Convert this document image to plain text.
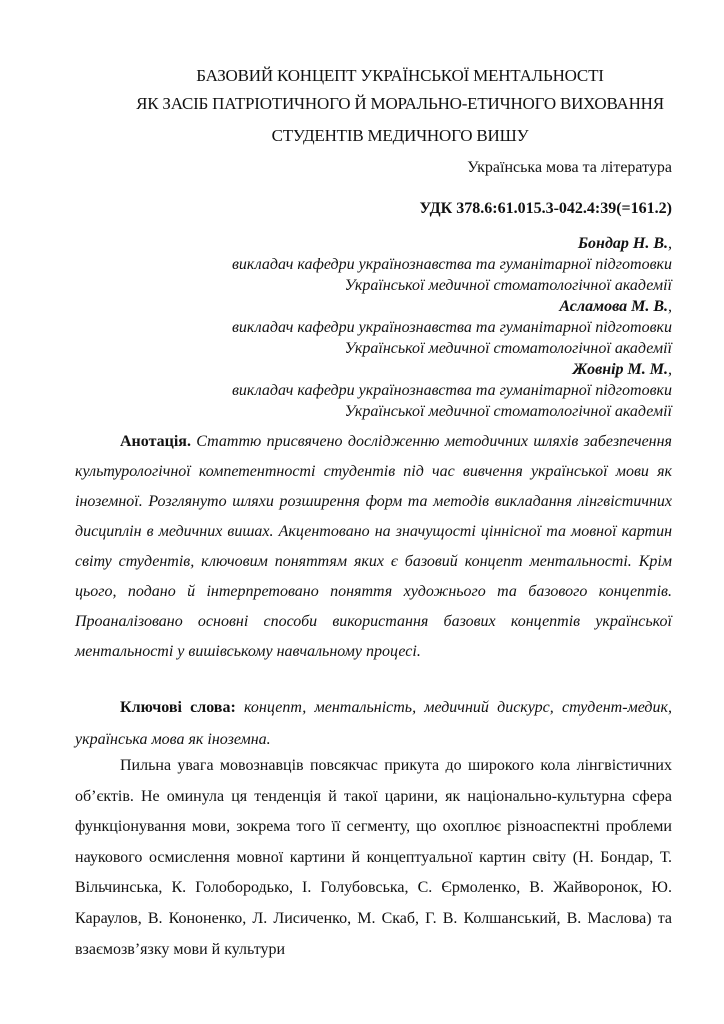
БАЗОВИЙ КОНЦЕПТ УКРАЇНСЬКОЇ МЕНТАЛЬНОСТІ
ЯК ЗАСІБ ПАТРІОТИЧНОГО Й МОРАЛЬНО-ЕТИЧНОГО ВИХОВАННЯ
СТУДЕНТІВ МЕДИЧНОГО ВИШУ
Українська мова та література
УДК 378.6:61.015.3-042.4:39(=161.2)
Бондар Н. В.,
викладач кафедри українознавства та гуманітарної підготовки
Української медичної стоматологічної академії
Асламова М. В.,
викладач кафедри українознавства та гуманітарної підготовки
Української медичної стоматологічної академії
Жовнір М. М.,
викладач кафедри українознавства та гуманітарної підготовки
Української медичної стоматологічної академії
Анотація. Статтю присвячено дослідженню методичних шляхів забезпечення культурологічної компетентності студентів під час вивчення української мови як іноземної. Розглянуто шляхи розширення форм та методів викладання лінгвістичних дисциплін в медичних вишах. Акцентовано на значущості ціннісної та мовної картин світу студентів, ключовим поняттям яких є базовий концепт ментальності. Крім цього, подано й інтерпретовано поняття художнього та базового концептів. Проаналізовано основні способи використання базових концептів української ментальності у вишівському навчальному процесі.
Ключові слова: концепт, ментальність, медичний дискурс, студент-медик, українська мова як іноземна.
Пильна увага мовознавців повсякчас прикута до широкого кола лінгвістичних об’єктів. Не оминула ця тенденція й такої царини, як національно-культурна сфера функціонування мови, зокрема того її сегменту, що охоплює різноаспектні проблеми наукового осмислення мовної картини й концептуальної картин світу (Н. Бондар, Т. Вільчинська, К. Голобородько, І. Голубовська, С. Єрмоленко, В. Жайворонок, Ю. Караулов, В. Кононенко, Л. Лисиченко, М. Скаб, Г. В. Колшанський, В. Маслова) та взаємозв’язку мови й культури
